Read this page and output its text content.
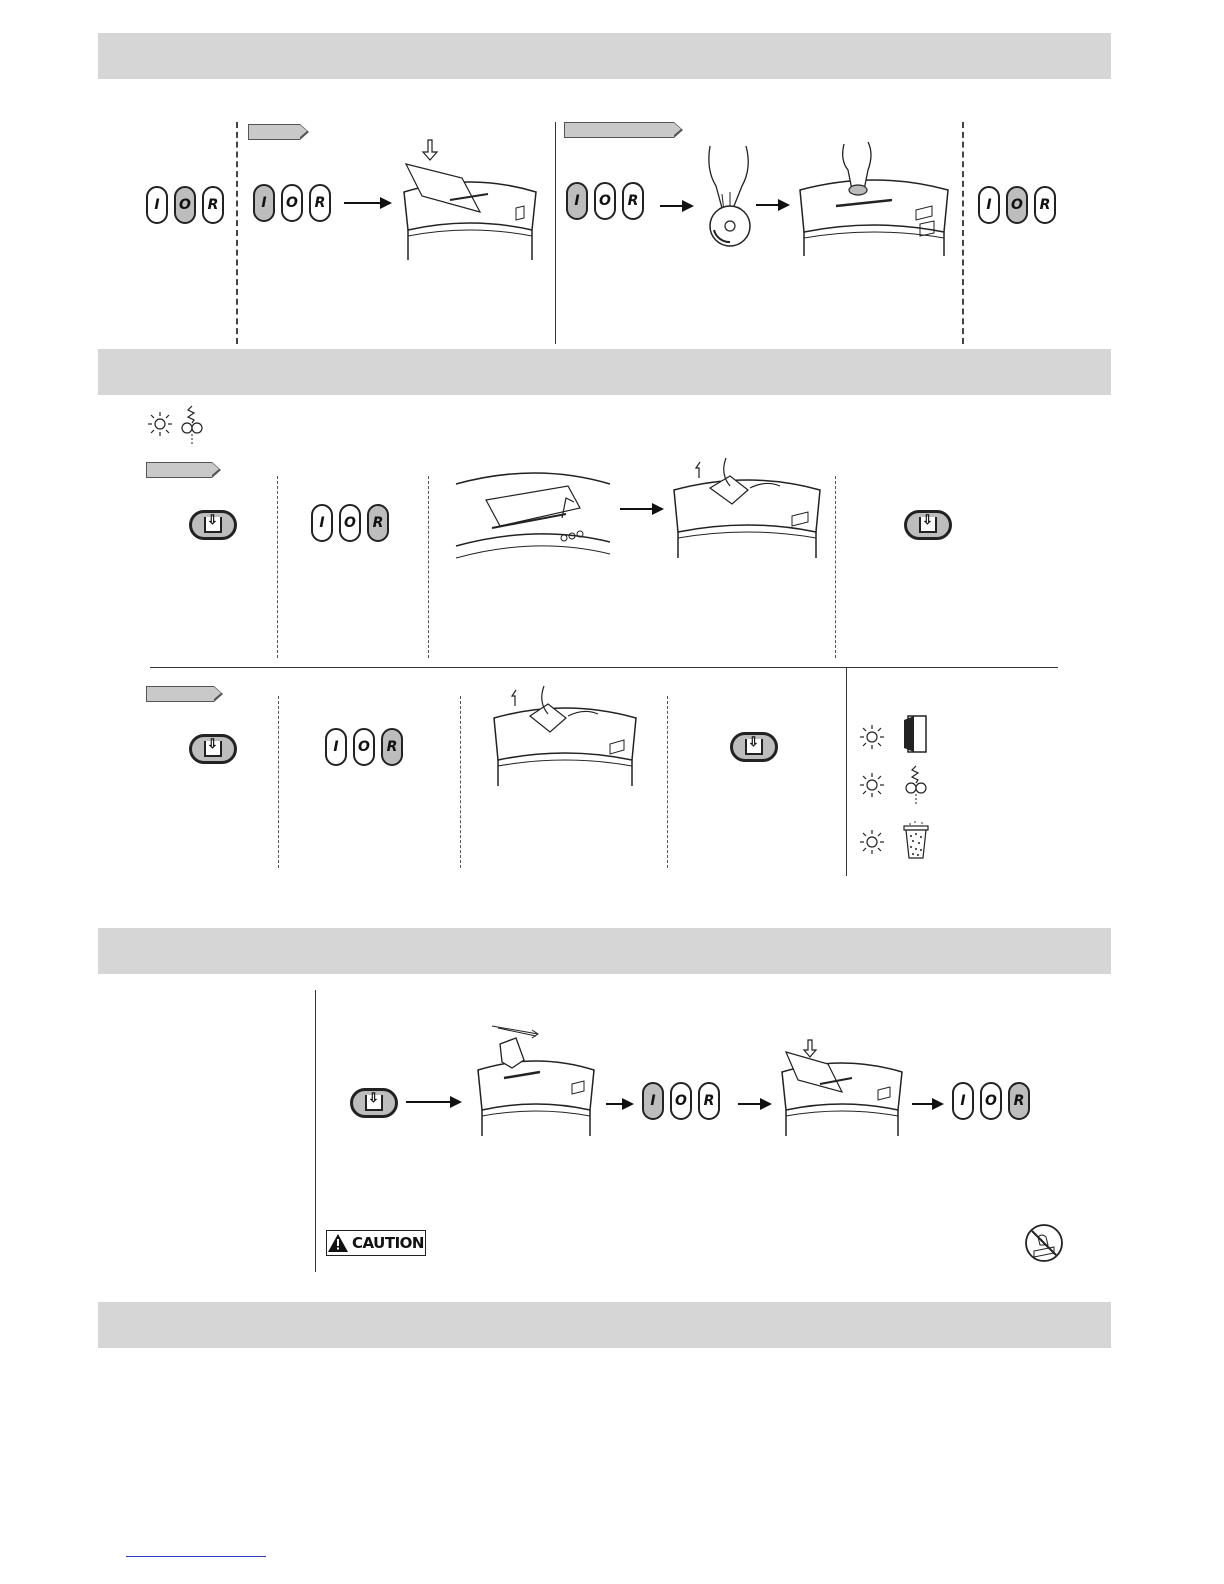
I	O	R	I	O	R	I	O	R	I	O	R
⇩
I	O	R
⇩
⇩
I	O	R
⇩
⇩
I	O	R	I	O	R
CAUTION
